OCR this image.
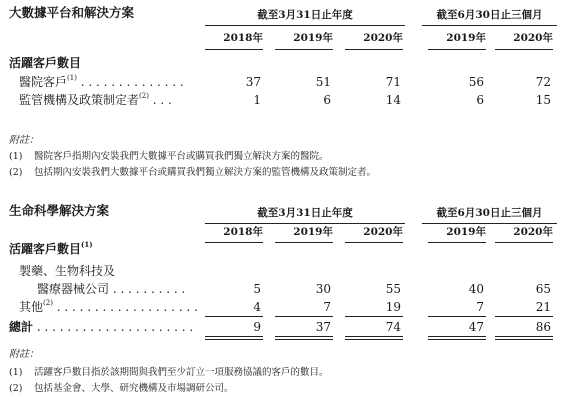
大數據平台和解決方案	截至3月31日止年度	截至6月30日止三個月
2018年	2019年	2020年	2019年	2020年
活躍客戶數目
醫院客戶$^{(1)}$ . . . . . . . . . . . . . .	37	51	71	56	72
監管機構及政策制定者$^{(2)}$ . . .	1	6	14	6	15
附註：
(1) 醫院客戶指期內安裝我們大數據平台或購買我們獨立解決方案的醫院。
(2) 包括期內安裝我們大數據平台或購買我們獨立解決方案的監管機構及政策制定者。
生命科學解決方案	截至3月31日止年度	截至6月30日止三個月
2018年	2019年	2020年	2019年	2020年
活躍客戶數目$^{(1)}$
製藥、生物科技及
醫療器械公司 . . . . . . . . . .	5	30	55	40	65
其他$^{(2)}$ . . . . . . . . . . . . . . . . . . .	4	7	19	7	21
總計 . . . . . . . . . . . . . . . . . . . . .	9	37	74	47	86
附註：
(1) 活躍客戶數目指於該期間與我們至少訂立一項服務協議的客戶的數目。
(2) 包括基金會、大學、研究機構及市場調研公司。
